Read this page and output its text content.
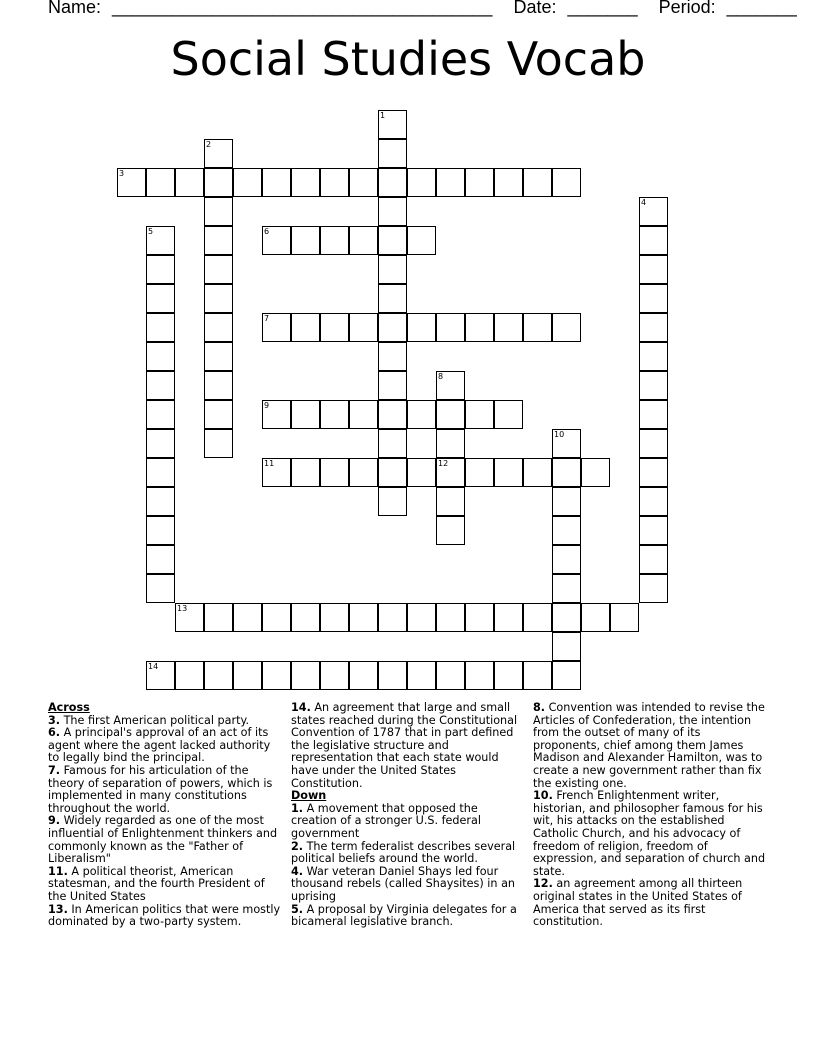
Name: ______________________________________ Date: _______ Period: _______
Social Studies Vocab
3
6
7
9
11	12
13
14
1
2
4
5
8
10
Across
3. The first American political party.
6. A principal's approval of an act of its agent where the agent lacked authority to legally bind the principal.
7. Famous for his articulation of the theory of separation of powers, which is implemented in many constitutions throughout the world.
9. Widely regarded as one of the most influential of Enlightenment thinkers and commonly known as the "Father of Liberalism"
11. A political theorist, American statesman, and the fourth President of the United States
13. In American politics that were mostly dominated by a two-party system.
14. An agreement that large and small states reached during the Constitutional Convention of 1787 that in part defined the legislative structure and representation that each state would have under the United States Constitution.
Down
1. A movement that opposed the creation of a stronger U.S. federal government
2. The term federalist describes several political beliefs around the world.
4. War veteran Daniel Shays led four thousand rebels (called Shaysites) in an uprising
5. A proposal by Virginia delegates for a bicameral legislative branch.
8. Convention was intended to revise the Articles of Confederation, the intention from the outset of many of its proponents, chief among them James Madison and Alexander Hamilton, was to create a new government rather than fix the existing one.
10. French Enlightenment writer, historian, and philosopher famous for his wit, his attacks on the established Catholic Church, and his advocacy of freedom of religion, freedom of expression, and separation of church and state.
12. an agreement among all thirteen original states in the United States of America that served as its first constitution.
